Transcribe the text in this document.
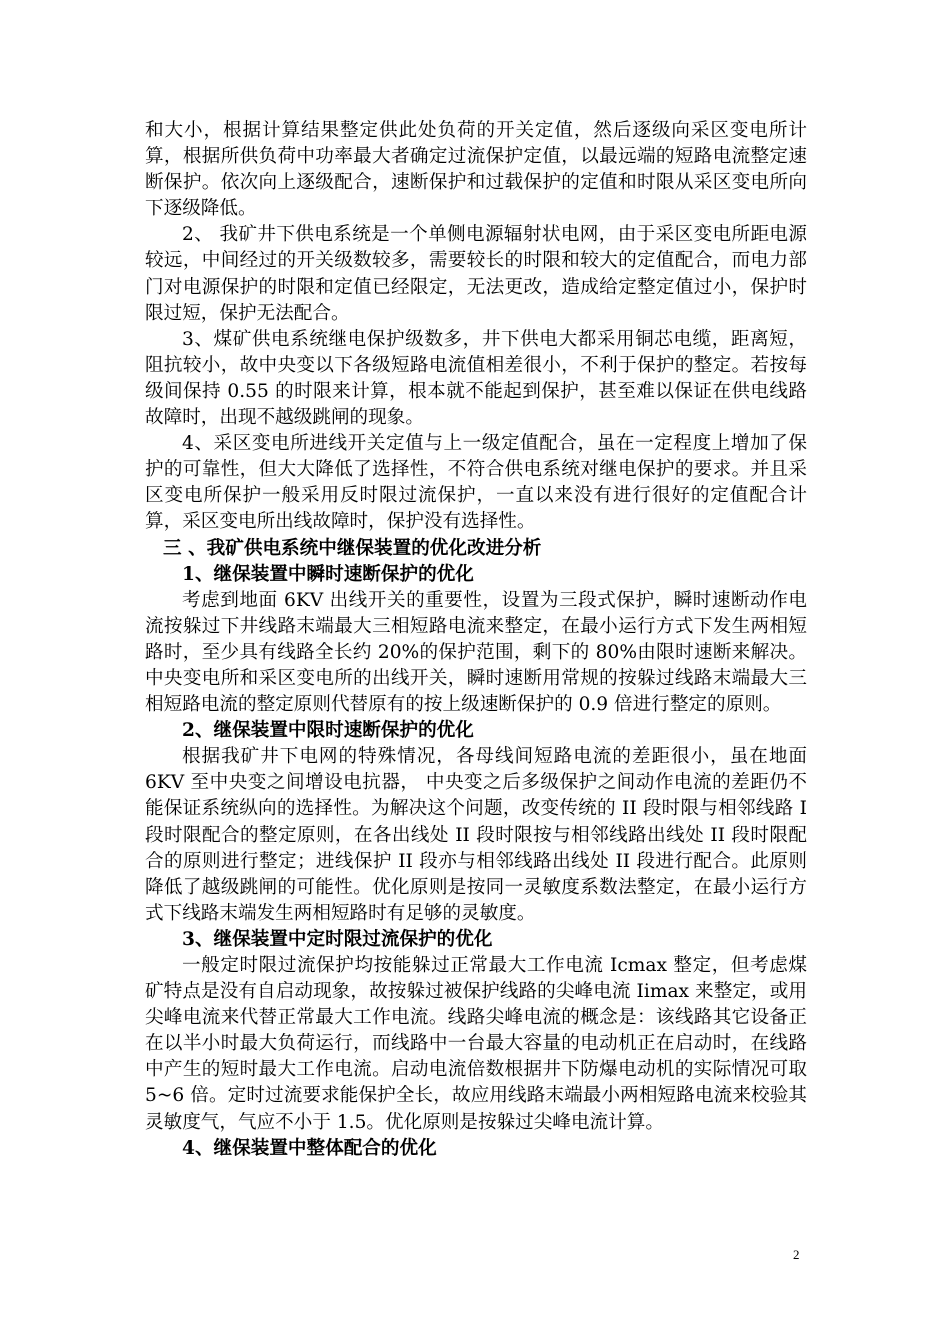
和大小，根据计算结果整定供此处负荷的开关定值，然后逐级向采区变电所计算，根据所供负荷中功率最大者确定过流保护定值，以最远端的短路电流整定速断保护。依次向上逐级配合，速断保护和过载保护的定值和时限从采区变电所向下逐级降低。

2、 我矿井下供电系统是一个单侧电源辐射状电网，由于采区变电所距电源较远，中间经过的开关级数较多，需要较长的时限和较大的定值配合，而电力部门对电源保护的时限和定值已经限定，无法更改，造成给定整定值过小，保护时限过短，保护无法配合。

3、煤矿供电系统继电保护级数多，井下供电大都采用铜芯电缆，距离短，阻抗较小，故中央变以下各级短路电流值相差很小，不利于保护的整定。若按每级间保持 0.55 的时限来计算，根本就不能起到保护，甚至难以保证在供电线路故障时，出现不越级跳闸的现象。

4、采区变电所进线开关定值与上一级定值配合，虽在一定程度上增加了保护的可靠性，但大大降低了选择性，不符合供电系统对继电保护的要求。并且采区变电所保护一般采用反时限过流保护，一直以来没有进行很好的定值配合计算，采区变电所出线故障时，保护没有选择性。

三 、我矿供电系统中继保装置的优化改进分析

1、继保装置中瞬时速断保护的优化

考虑到地面 6KV 出线开关的重要性，设置为三段式保护，瞬时速断动作电流按躲过下井线路末端最大三相短路电流来整定，在最小运行方式下发生两相短路时，至少具有线路全长约 20%的保护范围，剩下的 80%由限时速断来解决。中央变电所和采区变电所的出线开关，瞬时速断用常规的按躲过线路末端最大三相短路电流的整定原则代替原有的按上级速断保护的 0.9 倍进行整定的原则。

2、继保装置中限时速断保护的优化

根据我矿井下电网的特殊情况，各母线间短路电流的差距很小，虽在地面 6KV 至中央变之间增设电抗器， 中央变之后多级保护之间动作电流的差距仍不能保证系统纵向的选择性。为解决这个问题，改变传统的 II 段时限与相邻线路 I 段时限配合的整定原则，在各出线处 II 段时限按与相邻线路出线处 II 段时限配合的原则进行整定；进线保护 II 段亦与相邻线路出线处 II 段进行配合。此原则降低了越级跳闸的可能性。优化原则是按同一灵敏度系数法整定，在最小运行方式下线路末端发生两相短路时有足够的灵敏度。

3、继保装置中定时限过流保护的优化

一般定时限过流保护均按能躲过正常最大工作电流 Icmax 整定，但考虑煤矿特点是没有自启动现象，故按躲过被保护线路的尖峰电流 Iimax 来整定，或用尖峰电流来代替正常最大工作电流。线路尖峰电流的概念是：该线路其它设备正在以半小时最大负荷运行，而线路中一台最大容量的电动机正在启动时，在线路中产生的短时最大工作电流。启动电流倍数根据井下防爆电动机的实际情况可取 5~6 倍。定时过流要求能保护全长，故应用线路末端最小两相短路电流来校验其灵敏度气，气应不小于 1.5。优化原则是按躲过尖峰电流计算。

4、继保装置中整体配合的优化

2
